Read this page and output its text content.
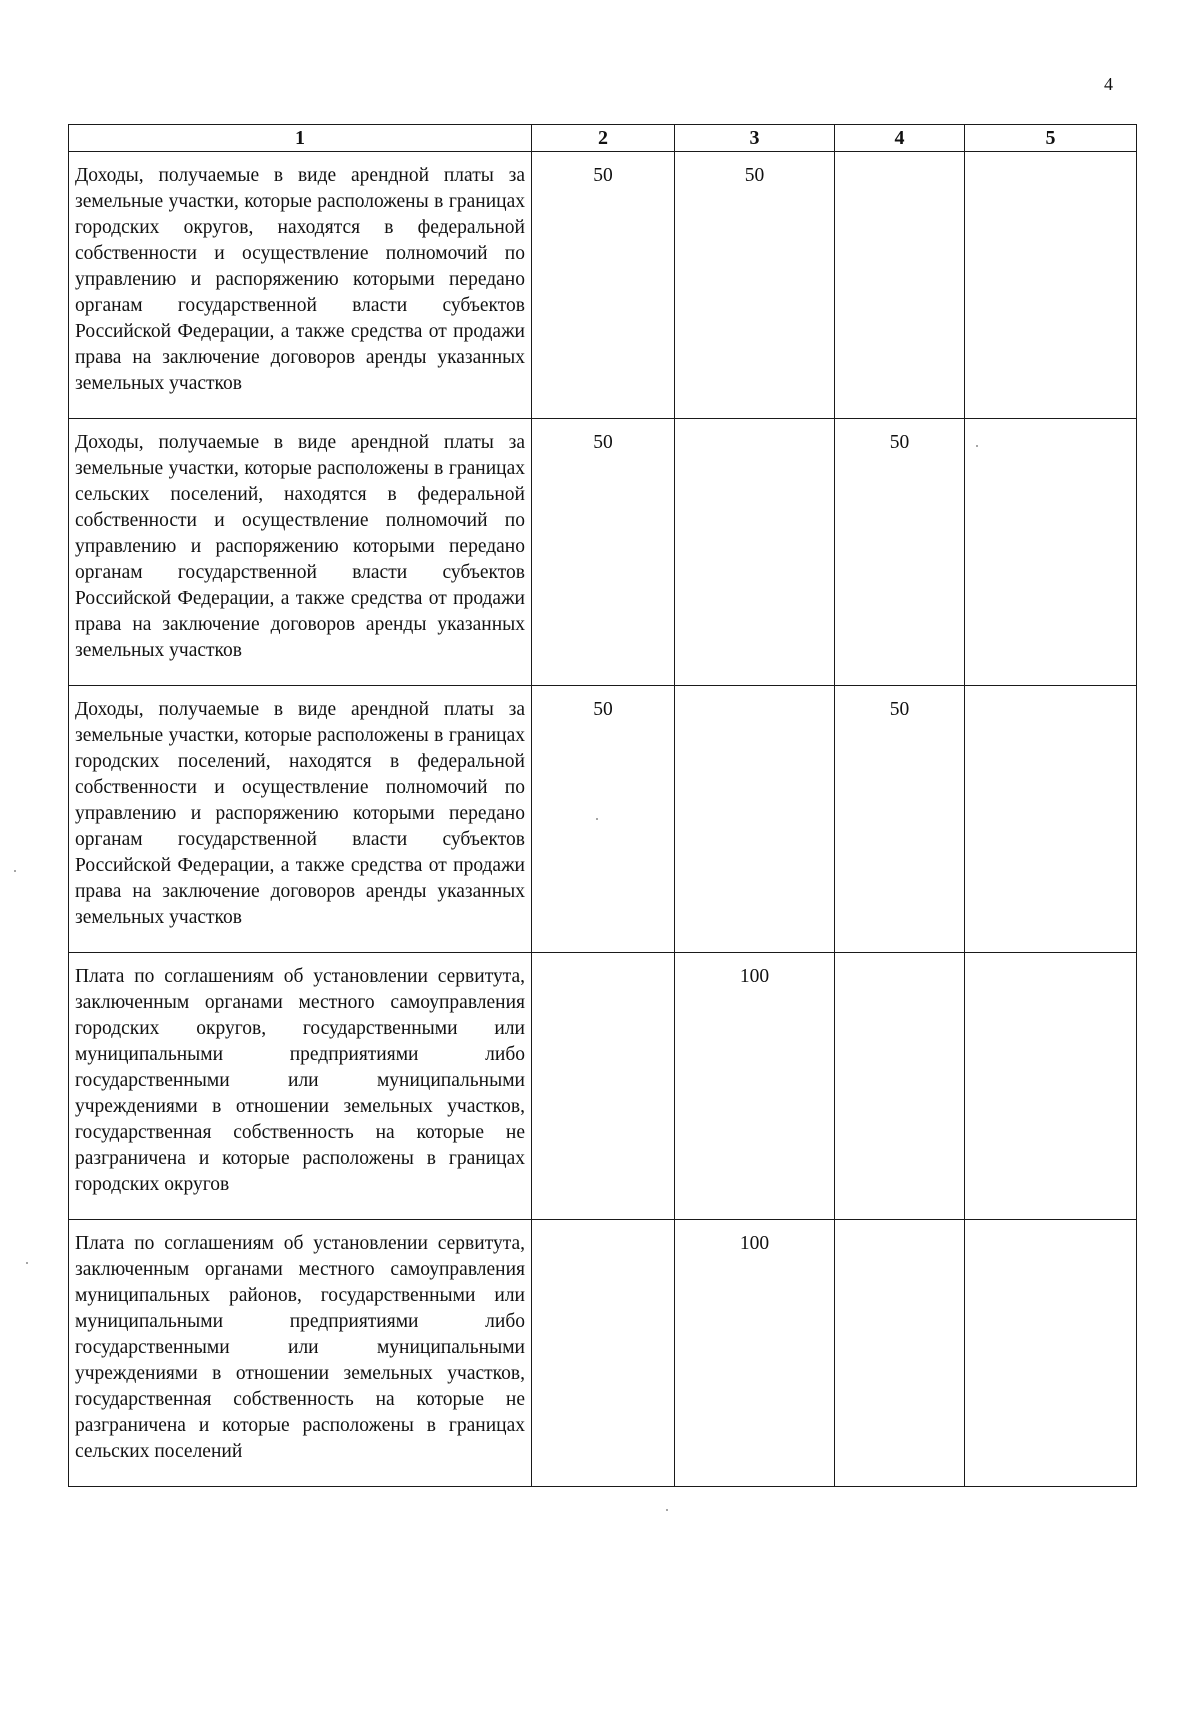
4
1	2	3	4	5
Доходы, получаемые в виде арендной платы за земельные участки, которые расположены в границах городских округов, находятся в федеральной собственности и осуществление полномочий по управлению и распоряжению которыми передано органам государственной власти субъектов Российской Федерации, а также средства от продажи права на заключение договоров аренды указанных земельных участков	50	50		
Доходы, получаемые в виде арендной платы за земельные участки, которые расположены в границах сельских поселений, находятся в федеральной собственности и осуществление полномочий по управлению и распоряжению которыми передано органам государственной власти субъектов Российской Федерации, а также средства от продажи права на заключение договоров аренды указанных земельных участков	50		50	
Доходы, получаемые в виде арендной платы за земельные участки, которые расположены в границах городских поселений, находятся в федеральной собственности и осуществление полномочий по управлению и распоряжению которыми передано органам государственной власти субъектов Российской Федерации, а также средства от продажи права на заключение договоров аренды указанных земельных участков	50		50	
Плата по соглашениям об установлении сервитута, заключенным органами местного самоуправления городских округов, государственными или муниципальными предприятиями либо государственными или муниципальными учреждениями в отношении земельных участков, государственная собственность на которые не разграничена и которые расположены в границах городских округов		100		
Плата по соглашениям об установлении сервитута, заключенным органами местного самоуправления муниципальных районов, государственными или муниципальными предприятиями либо государственными или муниципальными учреждениями в отношении земельных участков, государственная собственность на которые не разграничена и которые расположены в границах сельских поселений		100		
